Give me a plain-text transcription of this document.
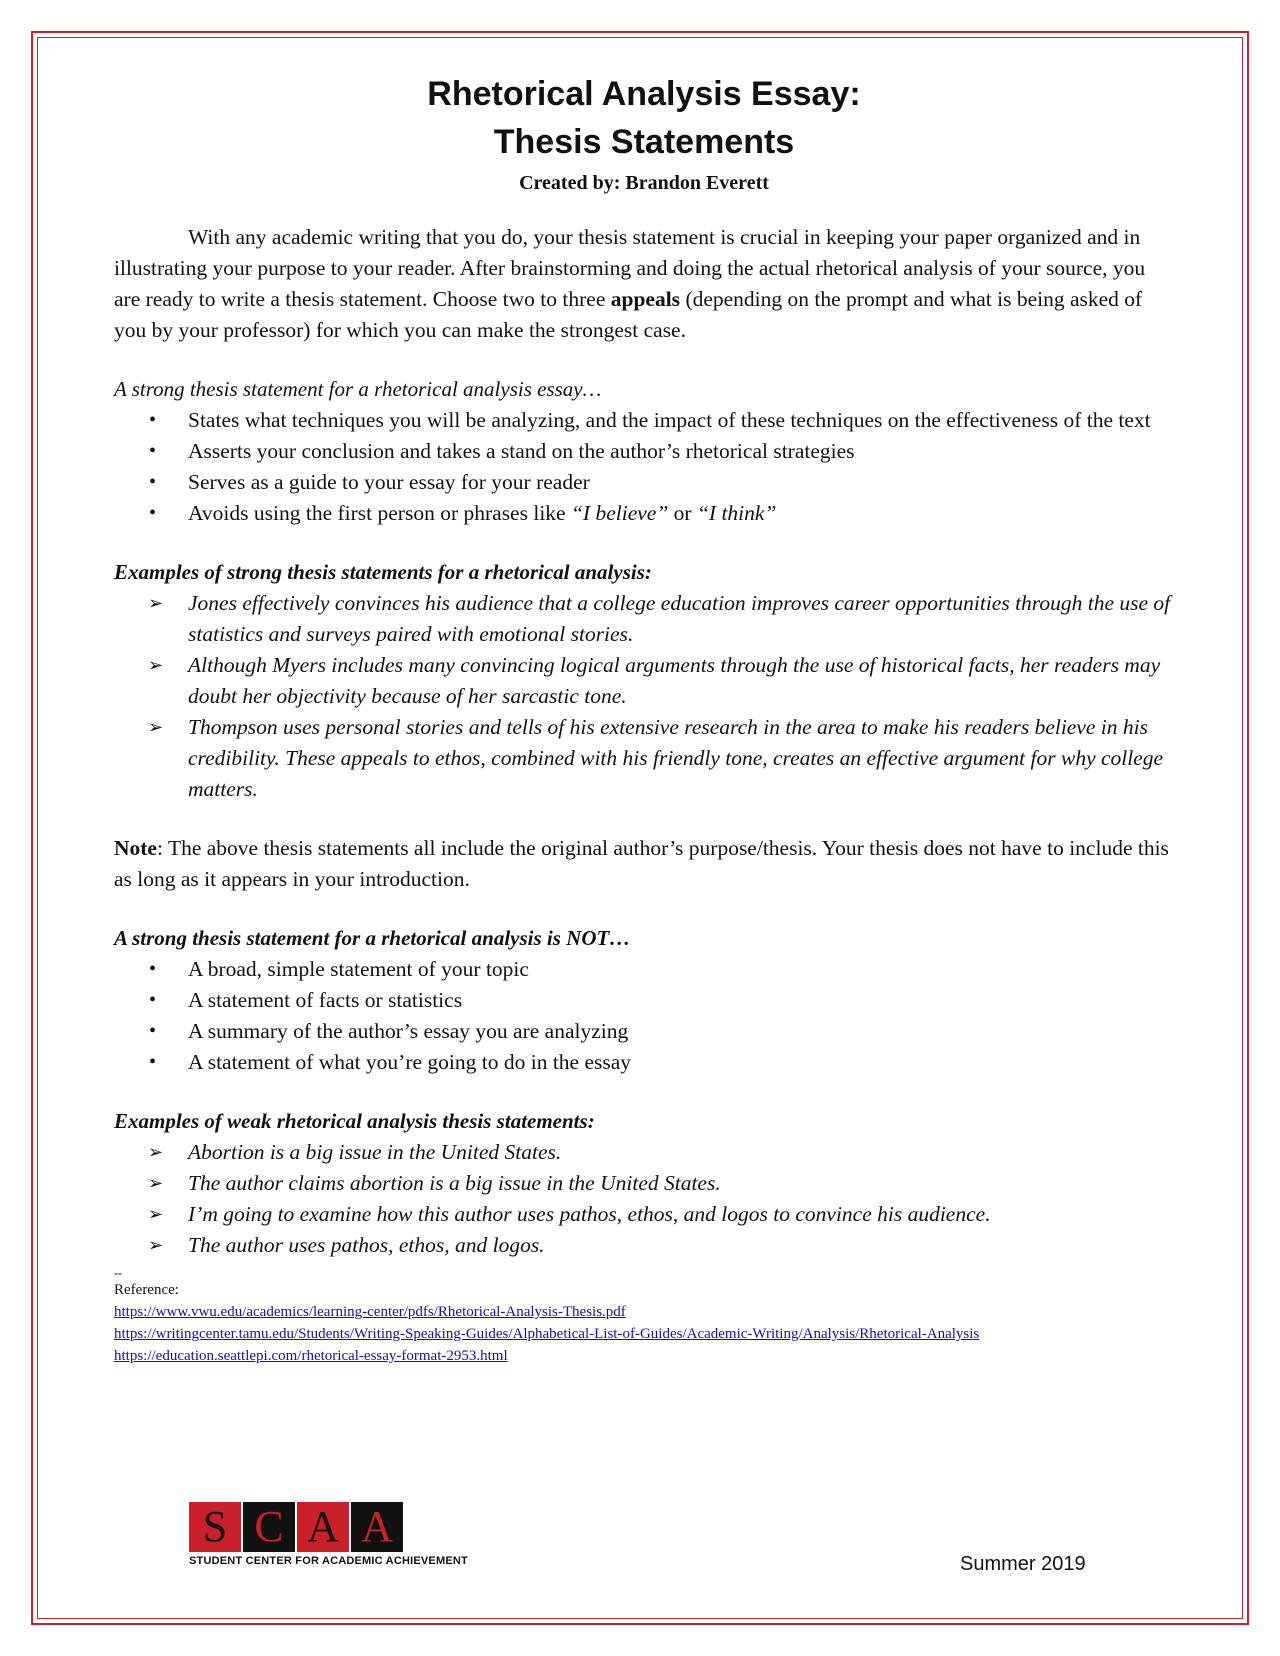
Rhetorical Analysis Essay:
Thesis Statements
Created by: Brandon Everett

With any academic writing that you do, your thesis statement is crucial in keeping your paper organized and in illustrating your purpose to your reader. After brainstorming and doing the actual rhetorical analysis of your source, you are ready to write a thesis statement. Choose two to three appeals (depending on the prompt and what is being asked of you by your professor) for which you can make the strongest case.

A strong thesis statement for a rhetorical analysis essay…

• States what techniques you will be analyzing, and the impact of these techniques on the effectiveness of the text
• Asserts your conclusion and takes a stand on the author’s rhetorical strategies
• Serves as a guide to your essay for your reader
• Avoids using the first person or phrases like “I believe” or “I think”

Examples of strong thesis statements for a rhetorical analysis:

➢ Jones effectively convinces his audience that a college education improves career opportunities through the use of statistics and surveys paired with emotional stories.
➢ Although Myers includes many convincing logical arguments through the use of historical facts, her readers may doubt her objectivity because of her sarcastic tone.
➢ Thompson uses personal stories and tells of his extensive research in the area to make his readers believe in his credibility. These appeals to ethos, combined with his friendly tone, creates an effective argument for why college matters.

Note: The above thesis statements all include the original author’s purpose/thesis. Your thesis does not have to include this as long as it appears in your introduction.

A strong thesis statement for a rhetorical analysis is NOT…

• A broad, simple statement of your topic
• A statement of facts or statistics
• A summary of the author’s essay you are analyzing
• A statement of what you’re going to do in the essay

Examples of weak rhetorical analysis thesis statements:

➢ Abortion is a big issue in the United States.
➢ The author claims abortion is a big issue in the United States.
➢ I’m going to examine how this author uses pathos, ethos, and logos to convince his audience.
➢ The author uses pathos, ethos, and logos.
--
Reference:
https://www.vwu.edu/academics/learning-center/pdfs/Rhetorical-Analysis-Thesis.pdf
https://writingcenter.tamu.edu/Students/Writing-Speaking-Guides/Alphabetical-List-of-Guides/Academic-Writing/Analysis/Rhetorical-Analysis
https://education.seattlepi.com/rhetorical-essay-format-2953.html
S C A A
STUDENT CENTER FOR ACADEMIC ACHIEVEMENT	Summer 2019
